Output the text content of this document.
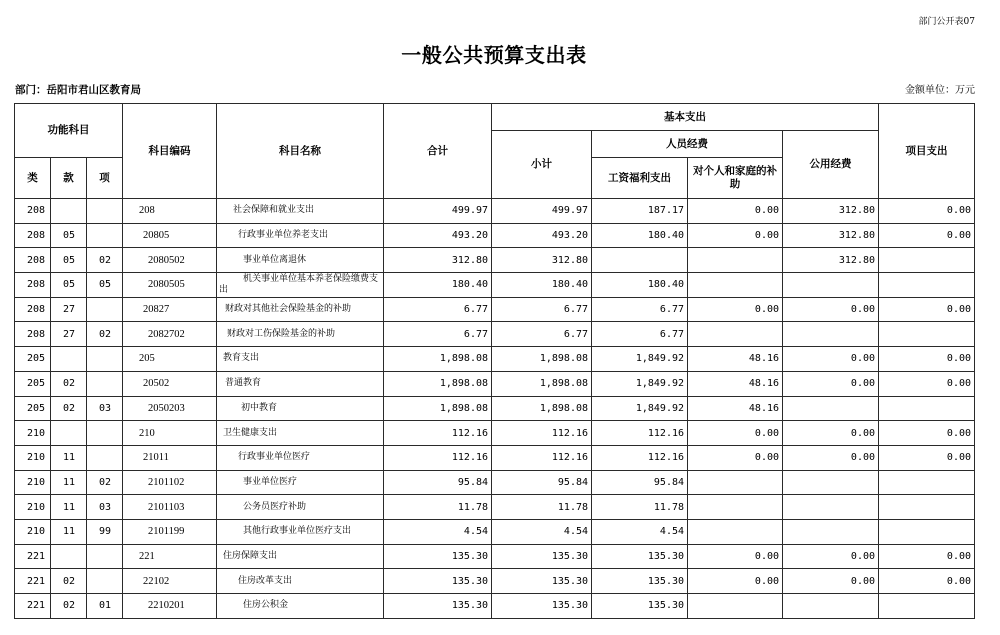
部门公开表07
一般公共预算支出表
部门：岳阳市君山区教育局	金额单位：万元
功能科目			科目编码	科目名称	合计	基本支出				项目支出
						小计	人员经费		公用经费	
类	款	项					工资福利支出	对个人和家庭的补助		
208			208	社会保障和就业支出	499.97	499.97	187.17	0.00	312.80	0.00
208	05		20805	行政事业单位养老支出	493.20	493.20	180.40	0.00	312.80	0.00
208	05	02	2080502	事业单位离退休	312.80	312.80			312.80	
208	05	05	2080505	机关事业单位基本养老保险缴费支出	180.40	180.40	180.40			
208	27		20827	财政对其他社会保险基金的补助	6.77	6.77	6.77	0.00	0.00	0.00
208	27	02	2082702	财政对工伤保险基金的补助	6.77	6.77	6.77			
205			205	教育支出	1,898.08	1,898.08	1,849.92	48.16	0.00	0.00
205	02		20502	普通教育	1,898.08	1,898.08	1,849.92	48.16	0.00	0.00
205	02	03	2050203	初中教育	1,898.08	1,898.08	1,849.92	48.16		
210			210	卫生健康支出	112.16	112.16	112.16	0.00	0.00	0.00
210	11		21011	行政事业单位医疗	112.16	112.16	112.16	0.00	0.00	0.00
210	11	02	2101102	事业单位医疗	95.84	95.84	95.84			
210	11	03	2101103	公务员医疗补助	11.78	11.78	11.78			
210	11	99	2101199	其他行政事业单位医疗支出	4.54	4.54	4.54			
221			221	住房保障支出	135.30	135.30	135.30	0.00	0.00	0.00
221	02		22102	住房改革支出	135.30	135.30	135.30	0.00	0.00	0.00
221	02	01	2210201	住房公积金	135.30	135.30	135.30			
